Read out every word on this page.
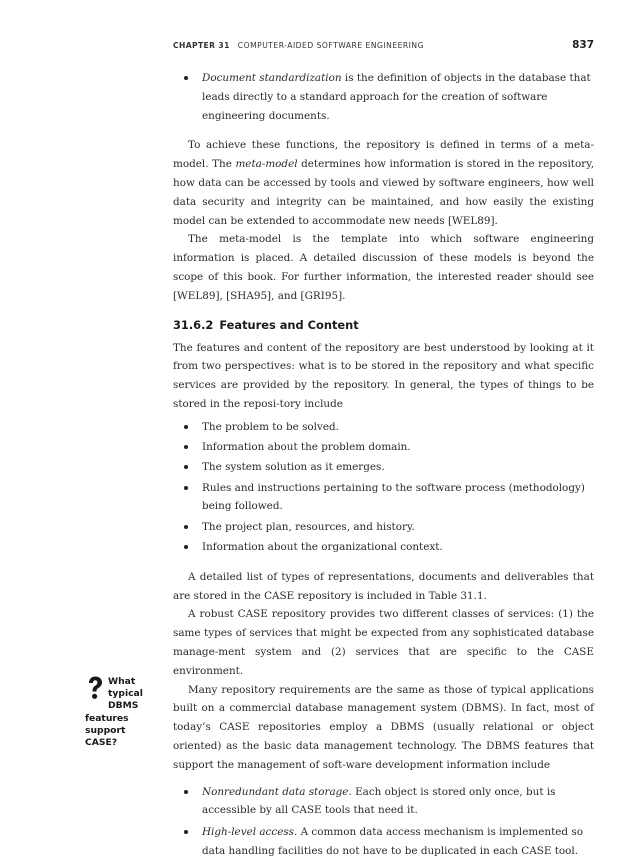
CHAPTER 31 COMPUTER-AIDED SOFTWARE ENGINEERING	837
Document standardization is the definition of objects in the database that leads directly to a standard approach for the creation of software engineering documents.

To achieve these functions, the repository is defined in terms of a meta-model. The meta-model determines how information is stored in the repository, how data can be accessed by tools and viewed by software engineers, how well data security and integrity can be maintained, and how easily the existing model can be extended to accommodate new needs [WEL89].

The meta-model is the template into which software engineering information is placed. A detailed discussion of these models is beyond the scope of this book. For further information, the interested reader should see [WEL89], [SHA95], and [GRI95].

31.6.2 Features and Content

The features and content of the repository are best understood by looking at it from two perspectives: what is to be stored in the repository and what specific services are provided by the repository. In general, the types of things to be stored in the reposi-tory include

The problem to be solved.
Information about the problem domain.
The system solution as it emerges.
Rules and instructions pertaining to the software process (methodology) being followed.
The project plan, resources, and history.
Information about the organizational context.

A detailed list of types of representations, documents and deliverables that are stored in the CASE repository is included in Table 31.1.

A robust CASE repository provides two different classes of services: (1) the same types of services that might be expected from any sophisticated database manage-ment system and (2) services that are specific to the CASE environment.

Many repository requirements are the same as those of typical applications built on a commercial database management system (DBMS). In fact, most of today’s CASE repositories employ a DBMS (usually relational or object oriented) as the basic data management technology. The DBMS features that support the management of soft-ware development information include

Nonredundant data storage. Each object is stored only once, but is accessible by all CASE tools that need it.
High-level access. A common data access mechanism is implemented so data handling facilities do not have to be duplicated in each CASE tool.
What typical
DBMS
features support
CASE?
